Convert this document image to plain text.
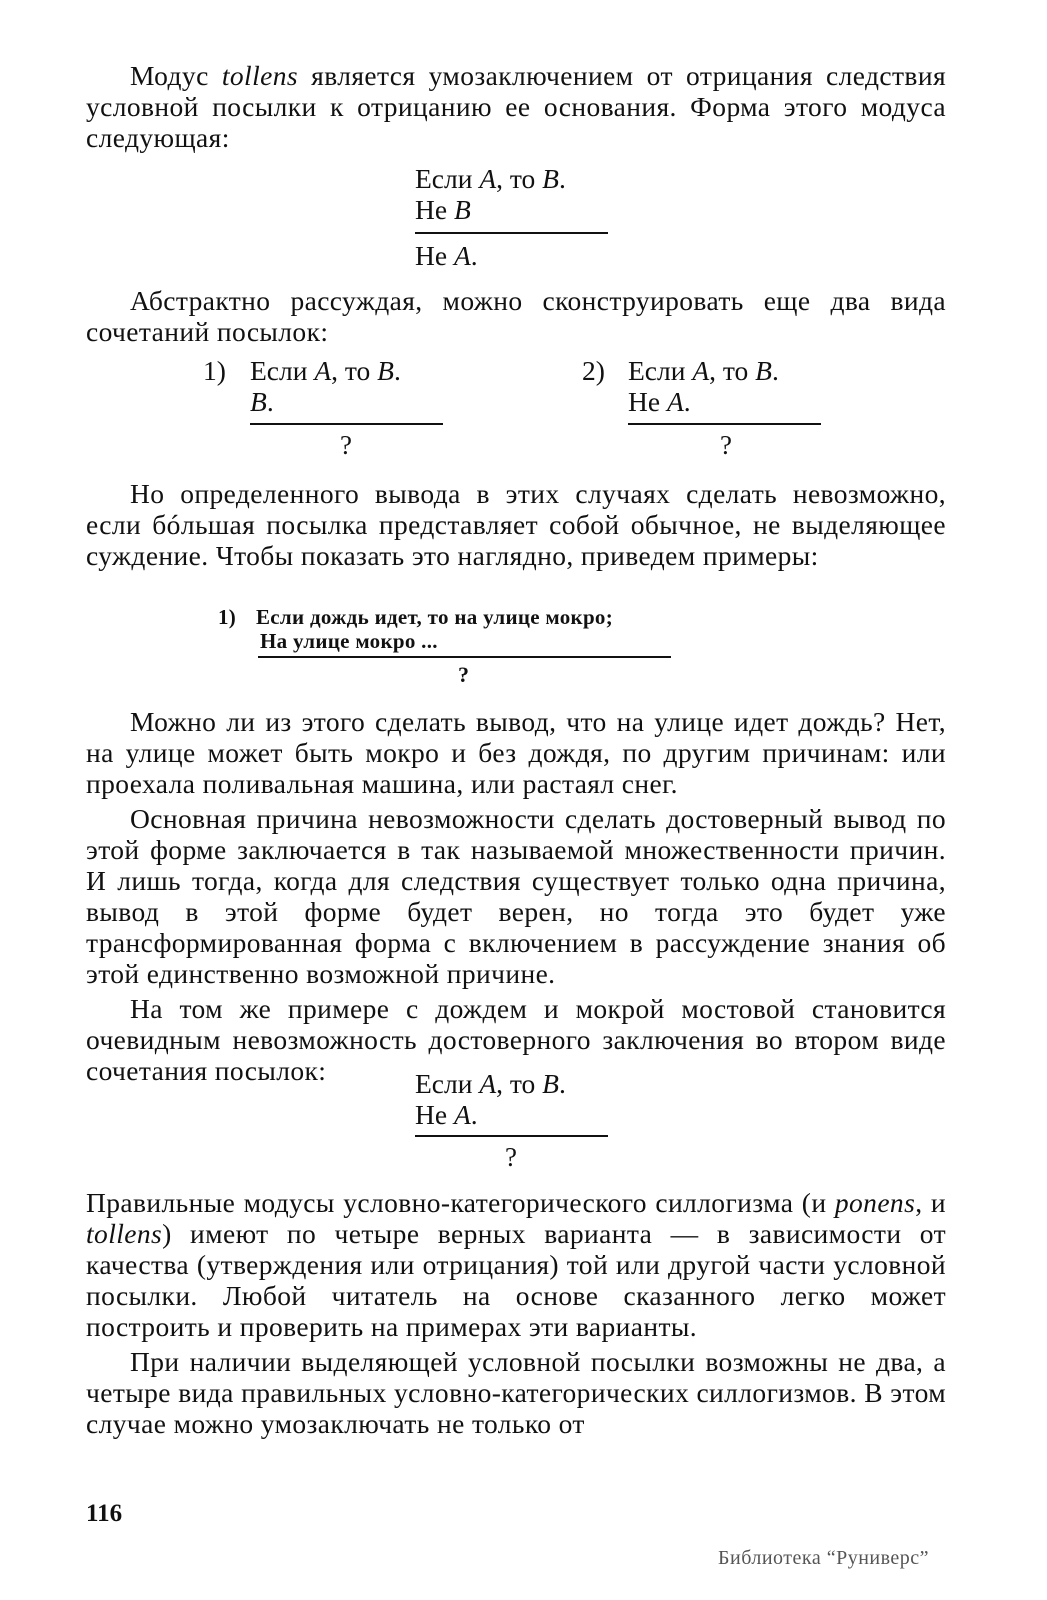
Модус tollens является умозаключением от отрицания следствия условной посылки к отрицанию ее основания. Форма этого модуса следующая:

Если A, то B.
Не B
Не A.

Абстрактно рассуждая, можно сконструировать еще два вида сочетаний посылок:

1) Если A, то B.
B.
?
2) Если A, то B.
Не A.
?

Но определенного вывода в этих случаях сделать невозможно, если бóльшая посылка представляет собой обычное, не выделяющее суждение. Чтобы показать это наглядно, приведем примеры:

1) Если дождь идет, то на улице мокро;
На улице мокро ...
?

Можно ли из этого сделать вывод, что на улице идет дождь? Нет, на улице может быть мокро и без дождя, по другим причинам: или проехала поливальная машина, или растаял снег.

Основная причина невозможности сделать достоверный вывод по этой форме заключается в так называемой множественности причин. И лишь тогда, когда для следствия существует только одна причина, вывод в этой форме будет верен, но тогда это будет уже трансформированная форма с включением в рассуждение знания об этой единственно возможной причине.

На том же примере с дождем и мокрой мостовой становится очевидным невозможность достоверного заключения во втором виде сочетания посылок:	Если A, то B.
Не A.
?

Правильные модусы условно-категорического силлогизма (и ponens, и tollens) имеют по четыре верных варианта — в зависимости от качества (утверждения или отрицания) той или другой части условной посылки. Любой читатель на основе сказанного легко может построить и проверить на примерах эти варианты.

При наличии выделяющей условной посылки возможны не два, а четыре вида правильных условно-категорических силлогизмов. В этом случае можно умозаключать не только от

116
Библиотека “Руниверс”
